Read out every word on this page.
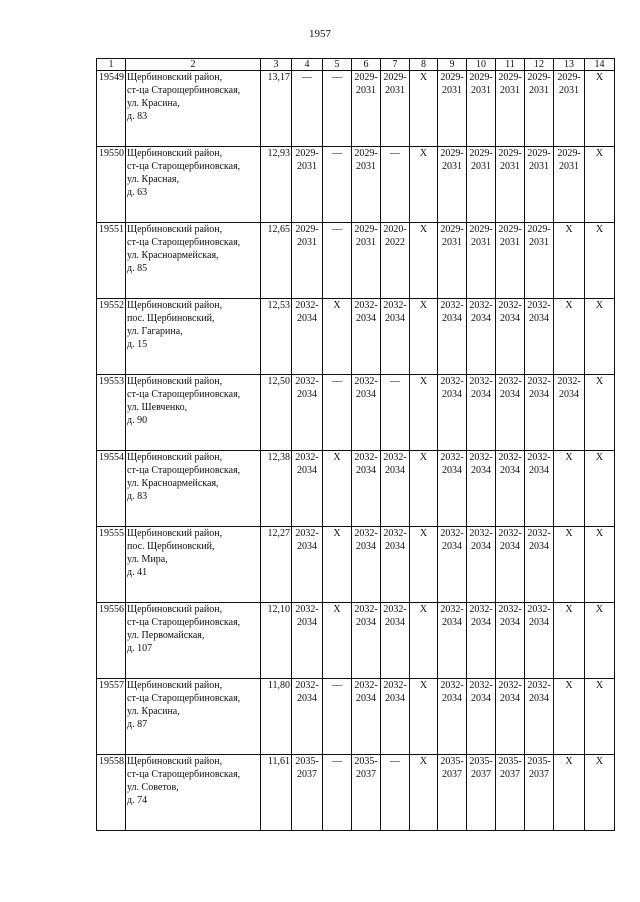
1957
1	2	3	4	5	6	7	8	9	10	11	12	13	14
19549	Щербиновский район,
ст-ца Старощербиновская,
ул. Красина,
д. 83	13,17	—	—	2029-
2031	2029-
2031	X	2029-
2031	2029-
2031	2029-
2031	2029-
2031	2029-
2031	X

19550	Щербиновский район,
ст-ца Старощербиновская,
ул. Красная,
д. 63	12,93	2029-
2031	—	2029-
2031	—	X	2029-
2031	2029-
2031	2029-
2031	2029-
2031	2029-
2031	X

19551	Щербиновский район,
ст-ца Старощербиновская,
ул. Красноармейская,
д. 85	12,65	2029-
2031	—	2029-
2031	2020-
2022	X	2029-
2031	2029-
2031	2029-
2031	2029-
2031	X	X

19552	Щербиновский район,
пос. Щербиновский,
ул. Гагарина,
д. 15	12,53	2032-
2034	X	2032-
2034	2032-
2034	X	2032-
2034	2032-
2034	2032-
2034	2032-
2034	X	X

19553	Щербиновский район,
ст-ца Старощербиновская,
ул. Шевченко,
д. 90	12,50	2032-
2034	—	2032-
2034	—	X	2032-
2034	2032-
2034	2032-
2034	2032-
2034	2032-
2034	X

19554	Щербиновский район,
ст-ца Старощербиновская,
ул. Красноармейская,
д. 83	12,38	2032-
2034	X	2032-
2034	2032-
2034	X	2032-
2034	2032-
2034	2032-
2034	2032-
2034	X	X

19555	Щербиновский район,
пос. Щербиновский,
ул. Мира,
д. 41	12,27	2032-
2034	X	2032-
2034	2032-
2034	X	2032-
2034	2032-
2034	2032-
2034	2032-
2034	X	X

19556	Щербиновский район,
ст-ца Старощербиновская,
ул. Первомайская,
д. 107	12,10	2032-
2034	X	2032-
2034	2032-
2034	X	2032-
2034	2032-
2034	2032-
2034	2032-
2034	X	X

19557	Щербиновский район,
ст-ца Старощербиновская,
ул. Красина,
д. 87	11,80	2032-
2034	—	2032-
2034	2032-
2034	X	2032-
2034	2032-
2034	2032-
2034	2032-
2034	X	X

19558	Щербиновский район,
ст-ца Старощербиновская,
ул. Советов,
д. 74	11,61	2035-
2037	—	2035-
2037	—	X	2035-
2037	2035-
2037	2035-
2037	2035-
2037	X	X
